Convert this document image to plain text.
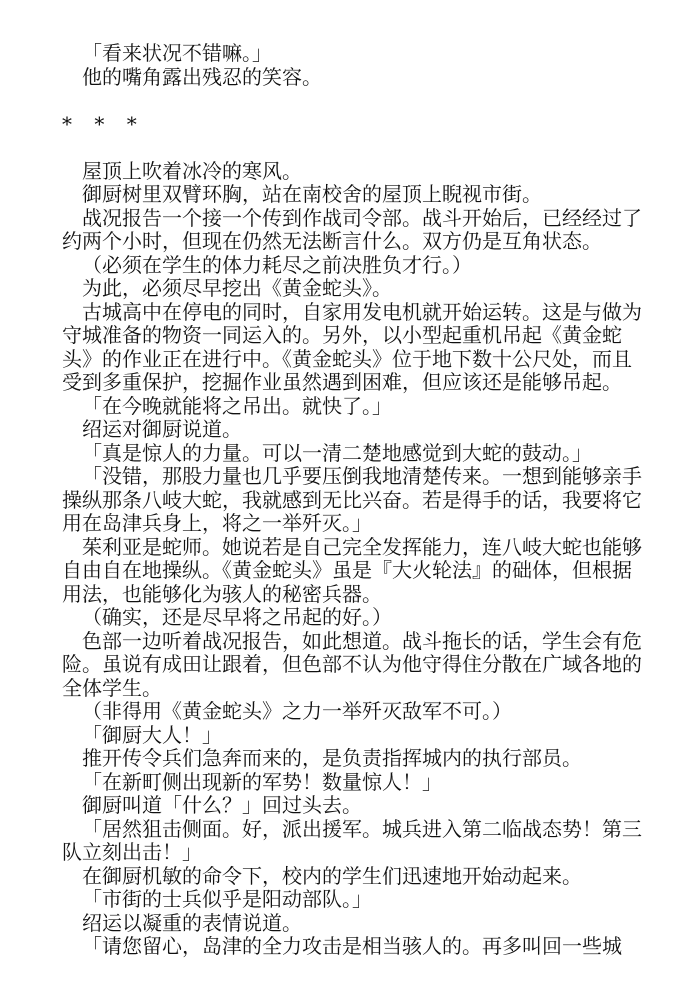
「看来状况不错嘛。」

他的嘴角露出残忍的笑容。

* * *

屋顶上吹着冰冷的寒风。

御厨树里双臂环胸，站在南校舍的屋顶上睨视市街。

战况报告一个接一个传到作战司令部。战斗开始后，已经经过了约两个小时，但现在仍然无法断言什么。双方仍是互角状态。

（必须在学生的体力耗尽之前决胜负才行。）

为此，必须尽早挖出《黄金蛇头》。

古城高中在停电的同时，自家用发电机就开始运转。这是与做为守城准备的物资一同运入的。另外，以小型起重机吊起《黄金蛇头》的作业正在进行中。《黄金蛇头》位于地下数十公尺处，而且受到多重保护，挖掘作业虽然遇到困难，但应该还是能够吊起。

「在今晚就能将之吊出。就快了。」

绍运对御厨说道。

「真是惊人的力量。可以一清二楚地感觉到大蛇的鼓动。」

「没错，那股力量也几乎要压倒我地清楚传来。一想到能够亲手操纵那条八岐大蛇，我就感到无比兴奋。若是得手的话，我要将它用在岛津兵身上，将之一举歼灭。」

茱利亚是蛇师。她说若是自己完全发挥能力，连八岐大蛇也能够自由自在地操纵。《黄金蛇头》虽是『大火轮法』的础体，但根据用法，也能够化为骇人的秘密兵器。

（确实，还是尽早将之吊起的好。）

色部一边听着战况报告，如此想道。战斗拖长的话，学生会有危险。虽说有成田让跟着，但色部不认为他守得住分散在广域各地的全体学生。

（非得用《黄金蛇头》之力一举歼灭敌军不可。）

「御厨大人！」

推开传令兵们急奔而来的，是负责指挥城内的执行部员。

「在新町侧出现新的军势！数量惊人！」

御厨叫道「什么？」回过头去。

「居然狙击侧面。好，派出援军。城兵进入第二临战态势！第三队立刻出击！」

在御厨机敏的命令下，校内的学生们迅速地开始动起来。

「市街的士兵似乎是阳动部队。」

绍运以凝重的表情说道。

「请您留心，岛津的全力攻击是相当骇人的。再多叫回一些城
